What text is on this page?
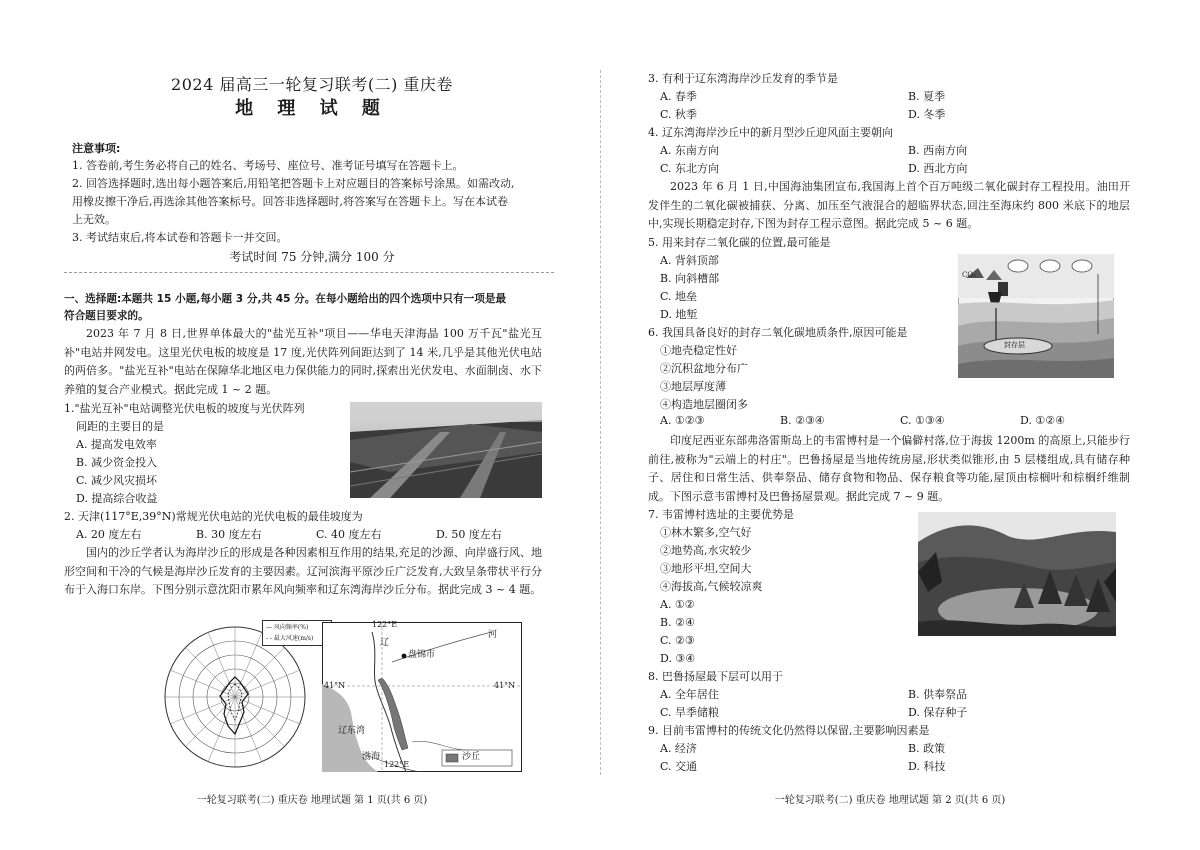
2024 届高三一轮复习联考(二) 重庆卷
地 理 试 题
注意事项:
1. 答卷前,考生务必将自己的姓名、考场号、座位号、准考证号填写在答题卡上。
2. 回答选择题时,选出每小题答案后,用铅笔把答题卡上对应题目的答案标号涂黑。如需改动,
用橡皮擦干净后,再选涂其他答案标号。回答非选择题时,将答案写在答题卡上。写在本试卷
上无效。
3. 考试结束后,将本试卷和答题卡一并交回。
考试时间 75 分钟,满分 100 分
一、选择题:本题共 15 小题,每小题 3 分,共 45 分。在每小题给出的四个选项中只有一项是最
符合题目要求的。
2023 年 7 月 8 日,世界单体最大的"盐光互补"项目——华电天津海晶 100 万千瓦"盐光互补"电站并网发电。这里光伏电板的坡度是 17 度,光伏阵列间距达到了 14 米,几乎是其他光伏电站的两倍多。"盐光互补"电站在保障华北地区电力保供能力的同时,探索出光伏发电、水面制卤、水下养殖的复合产业模式。据此完成 1 ~ 2 题。
1."盐光互补"电站调整光伏电板的坡度与光伏阵列
间距的主要目的是
A. 提高发电效率
B. 减少资金投入
C. 减少风灾损坏
D. 提高综合收益
2. 天津(117°E,39°N)常规光伏电站的光伏电板的最佳坡度为
A. 20 度左右	B. 30 度左右	C. 40 度左右	D. 50 度左右
国内的沙丘学者认为海岸沙丘的形成是各种因素相互作用的结果,充足的沙源、向岸盛行风、地形空间和干冷的气候是海岸沙丘发育的主要因素。辽河滨海平原沙丘广泛发育,大致呈条带状平行分布于入海口东岸。下图分别示意沈阳市累年风向频率和辽东湾海岸沙丘分布。据此完成 3 ~ 4 题。
— 风向频率(%)
- - 最大风速(m/s)
122°E
122°E
41°N	41°N
盘锦市
辽
河
辽东湾
渤海	沙丘
一轮复习联考(二) 重庆卷 地理试题 第 1 页(共 6 页)
3. 有利于辽东湾海岸沙丘发育的季节是
A. 春季	B. 夏季
C. 秋季	D. 冬季
4. 辽东湾海岸沙丘中的新月型沙丘迎风面主要朝向
A. 东南方向	B. 西南方向
C. 东北方向	D. 西北方向
2023 年 6 月 1 日,中国海油集团宣布,我国海上首个百万吨级二氧化碳封存工程投用。油田开发伴生的二氧化碳被捕获、分离、加压至气液混合的超临界状态,回注至海床约 800 米底下的地层中,实现长期稳定封存,下图为封存工程示意图。据此完成 5 ~ 6 题。
5. 用来封存二氧化碳的位置,最可能是
A. 背斜顶部
B. 向斜槽部
C. 地垒
D. 地堑
CO₂
封存层
6. 我国具备良好的封存二氧化碳地质条件,原因可能是
①地壳稳定性好
②沉积盆地分布广
③地层厚度薄
④构造地层圈闭多
A. ①②③	B. ②③④	C. ①③④	D. ①②④
印度尼西亚东部弗洛雷斯岛上的韦雷博村是一个偏僻村落,位于海拔 1200m 的高原上,只能步行前往,被称为"云端上的村庄"。巴鲁扬屋是当地传统房屋,形状类似锥形,由 5 层楼组成,具有储存种子、居住和日常生活、供奉祭品、储存食物和物品、保存粮食等功能,屋顶由棕榈叶和棕榈纤维制成。下图示意韦雷博村及巴鲁扬屋景观。据此完成 7 ~ 9 题。
7. 韦雷博村选址的主要优势是
①林木繁多,空气好
②地势高,水灾较少
③地形平坦,空间大
④海拔高,气候较凉爽
A. ①②
B. ②④
C. ②③
D. ③④
8. 巴鲁扬屋最下层可以用于
A. 全年居住	B. 供奉祭品
C. 旱季储粮	D. 保存种子
9. 目前韦雷博村的传统文化仍然得以保留,主要影响因素是
A. 经济	B. 政策
C. 交通	D. 科技
一轮复习联考(二) 重庆卷 地理试题 第 2 页(共 6 页)
